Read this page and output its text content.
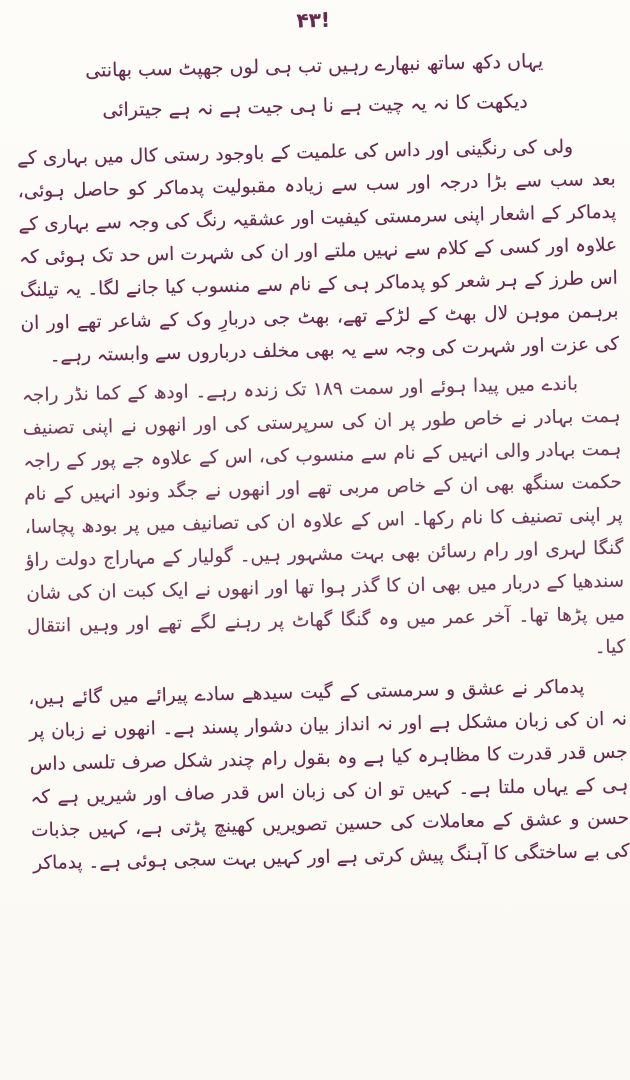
!۴۳
یہاں دکھ ساتھ نبھارے رہیں تب ہی لوں جھپٹ سب بھانتی
دیکھت کا نہ یہ چیت ہے نا ہی جیت ہے نہ ہے جیترائی

ولی کی رنگینی اور داس کی علمیت کے باوجود رستی کال میں بہاری کے بعد سب سے بڑا درجہ اور سب سے زیادہ مقبولیت پدماکر کو حاصل ہوئی، پدماکر کے اشعار اپنی سرمستی کیفیت اور عشقیہ رنگ کی وجہ سے بہاری کے علاوہ اور کسی کے کلام سے نہیں ملتے اور ان کی شہرت اس حد تک ہوئی کہ اس طرز کے ہر شعر کو پدماکر ہی کے نام سے منسوب کیا جانے لگا۔ یہ تیلنگ برہمن موہن لال بھٹ کے لڑکے تھے، بھٹ جی دربارِ وک کے شاعر تھے اور ان کی عزت اور شہرت کی وجہ سے یہ بھی مخلف درباروں سے وابستہ رہے۔

باندے میں پیدا ہوئے اور سمت ۱۸۹ تک زندہ رہے۔ اودھ کے کما نڈر راجہ ہمت بہادر نے خاص طور پر ان کی سرپرستی کی اور انھوں نے اپنی تصنیف ہمت بہادر والی انہیں کے نام سے منسوب کی، اس کے علاوہ جے پور کے راجہ حکمت سنگھ بھی ان کے خاص مربی تھے اور انھوں نے جگد ونود انہیں کے نام پر اپنی تصنیف کا نام رکھا۔ اس کے علاوہ ان کی تصانیف میں پر بودھ پچاسا، گنگا لہری اور رام رسائن بھی بہت مشہور ہیں۔ گولیار کے مہاراج دولت راؤ سندھیا کے دربار میں بھی ان کا گذر ہوا تھا اور انھوں نے ایک کبت ان کی شان میں پڑھا تھا۔ آخر عمر میں وہ گنگا گھاٹ پر رہنے لگے تھے اور وہیں انتقال کیا۔

پدماکر نے عشق و سرمستی کے گیت سیدھے سادے پیرائے میں گائے ہیں، نہ ان کی زبان مشکل ہے اور نہ انداز بیان دشوار پسند ہے۔ انھوں نے زبان پر جس قدر قدرت کا مظاہرہ کیا ہے وہ بقول رام چندر شکل صرف تلسی داس ہی کے یہاں ملتا ہے۔ کہیں تو ان کی زبان اس قدر صاف اور شیریں ہے کہ حسن و عشق کے معاملات کی حسین تصویریں کھینچ پڑتی ہے، کہیں جذبات کی بے ساختگی کا آہنگ پیش کرتی ہے اور کہیں بہت سجی ہوئی ہے۔ پدماکر
